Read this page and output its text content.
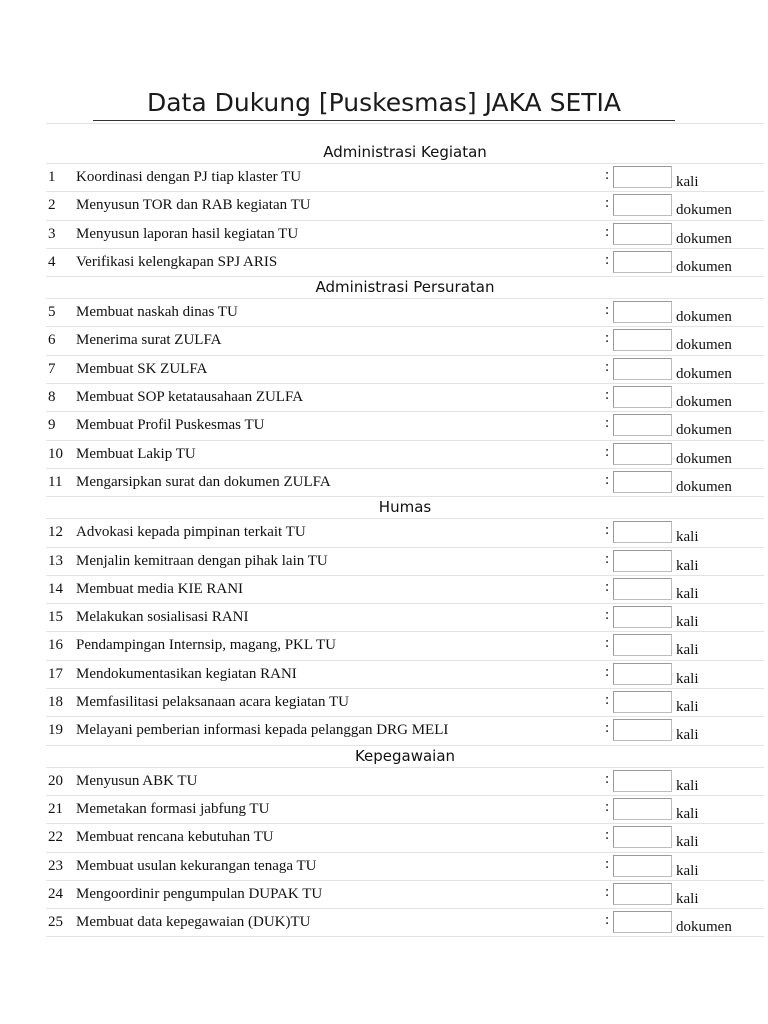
Data Dukung [Puskesmas] JAKA SETIA
Administrasi Kegiatan
1 Koordinasi dengan PJ tiap klaster TU	:	kali
2 Menyusun TOR dan RAB kegiatan TU	:	dokumen
3 Menyusun laporan hasil kegiatan TU	:	dokumen
4 Verifikasi kelengkapan SPJ ARIS	:	dokumen
Administrasi Persuratan
5 Membuat naskah dinas TU	:	dokumen
6 Menerima surat ZULFA	:	dokumen
7 Membuat SK ZULFA	:	dokumen
8 Membuat SOP ketatausahaan ZULFA	:	dokumen
9 Membuat Profil Puskesmas TU	:	dokumen
10 Membuat Lakip TU	:	dokumen
11 Mengarsipkan surat dan dokumen ZULFA	:	dokumen
Humas
12 Advokasi kepada pimpinan terkait TU	:	kali
13 Menjalin kemitraan dengan pihak lain TU	:	kali
14 Membuat media KIE RANI	:	kali
15 Melakukan sosialisasi RANI	:	kali
16 Pendampingan Internsip, magang, PKL TU	:	kali
17 Mendokumentasikan kegiatan RANI	:	kali
18 Memfasilitasi pelaksanaan acara kegiatan TU	:	kali
19 Melayani pemberian informasi kepada pelanggan DRG MELI	:	kali
Kepegawaian
20 Menyusun ABK TU	:	kali
21 Memetakan formasi jabfung TU	:	kali
22 Membuat rencana kebutuhan TU	:	kali
23 Membuat usulan kekurangan tenaga TU	:	kali
24 Mengoordinir pengumpulan DUPAK TU	:	kali
25 Membuat data kepegawaian (DUK)TU	:	dokumen
